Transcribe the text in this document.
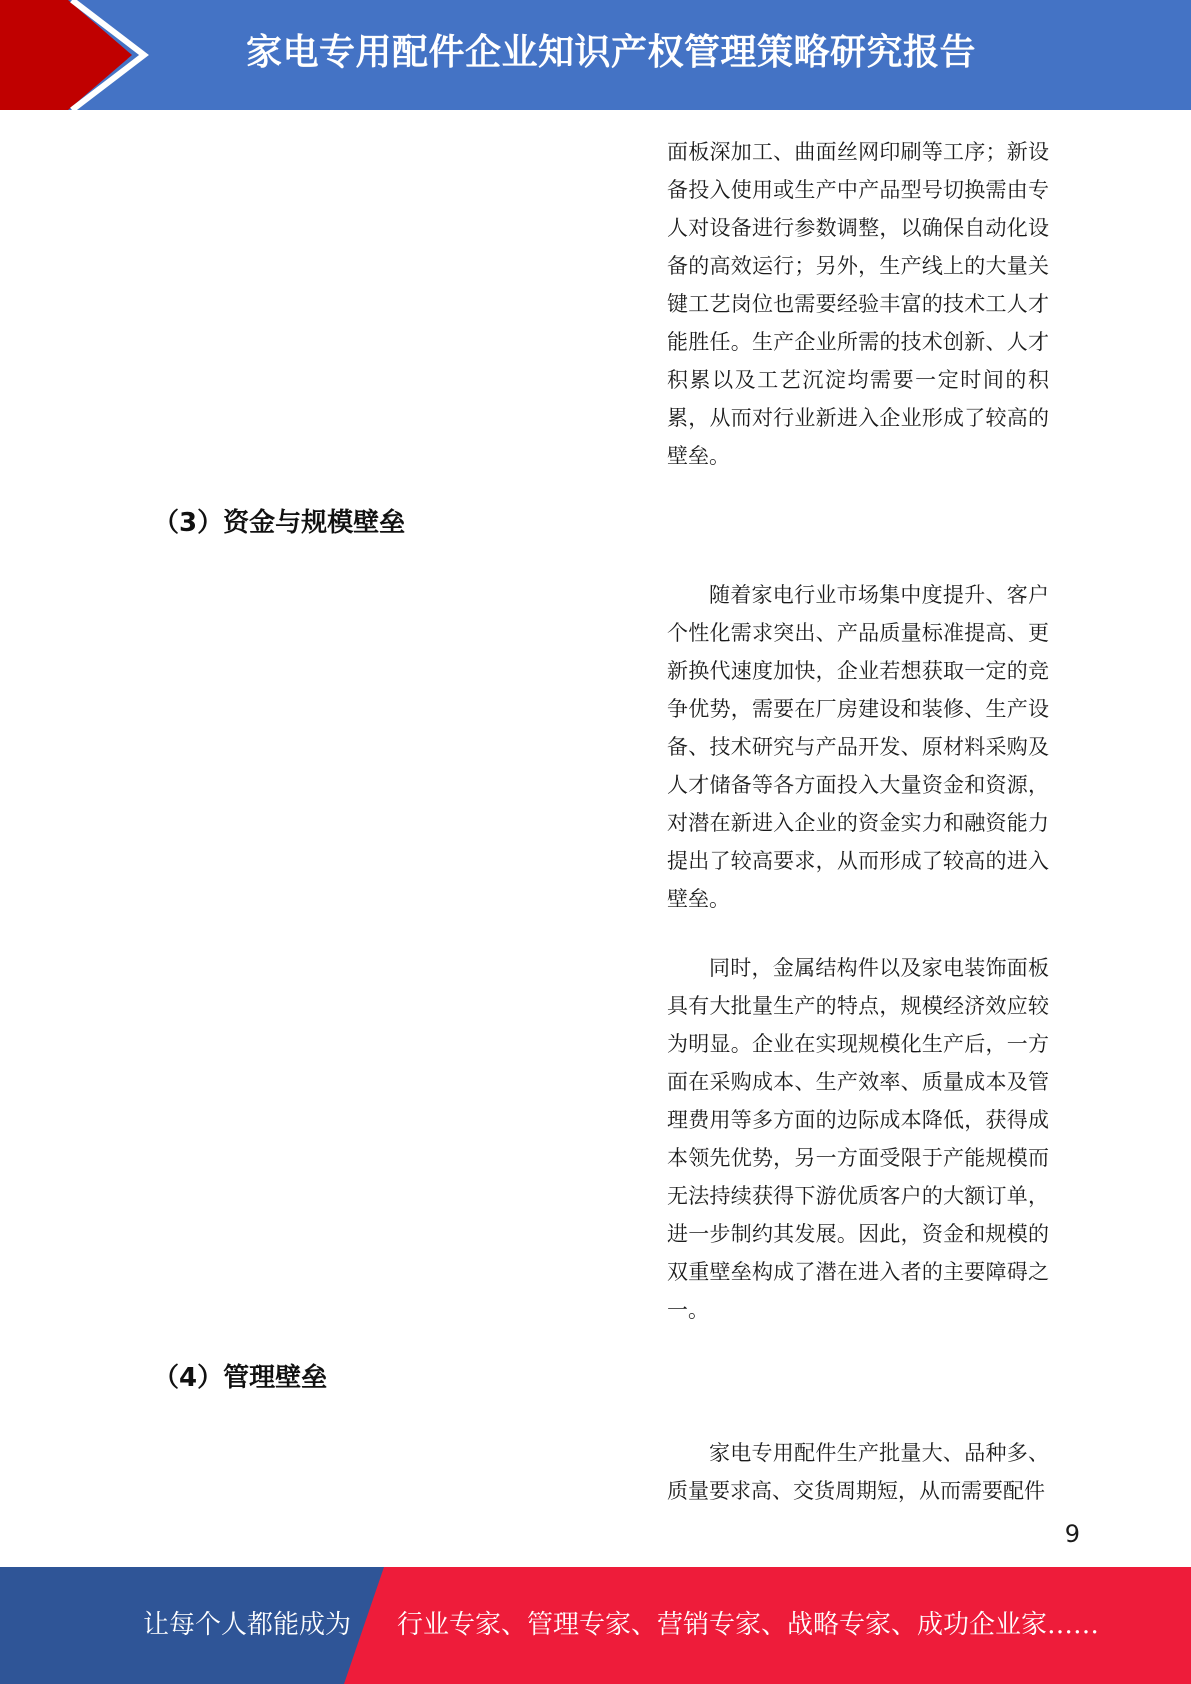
家电专用配件企业知识产权管理策略研究报告

面板深加工、曲面丝网印刷等工序；新设备投入使用或生产中产品型号切换需由专人对设备进行参数调整，以确保自动化设备的高效运行；另外，生产线上的大量关键工艺岗位也需要经验丰富的技术工人才能胜任。生产企业所需的技术创新、人才积累以及工艺沉淀均需要一定时间的积累，从而对行业新进入企业形成了较高的壁垒。

（3）资金与规模壁垒

随着家电行业市场集中度提升、客户个性化需求突出、产品质量标准提高、更新换代速度加快，企业若想获取一定的竞争优势，需要在厂房建设和装修、生产设备、技术研究与产品开发、原材料采购及人才储备等各方面投入大量资金和资源，对潜在新进入企业的资金实力和融资能力提出了较高要求，从而形成了较高的进入壁垒。

同时，金属结构件以及家电装饰面板具有大批量生产的特点，规模经济效应较为明显。企业在实现规模化生产后，一方面在采购成本、生产效率、质量成本及管理费用等多方面的边际成本降低，获得成本领先优势，另一方面受限于产能规模而无法持续获得下游优质客户的大额订单，进一步制约其发展。因此，资金和规模的双重壁垒构成了潜在进入者的主要障碍之一。

（4）管理壁垒

家电专用配件生产批量大、品种多、质量要求高、交货周期短，从而需要配件

9
让每个人都能成为 行业专家、管理专家、营销专家、战略专家、成功企业家……
